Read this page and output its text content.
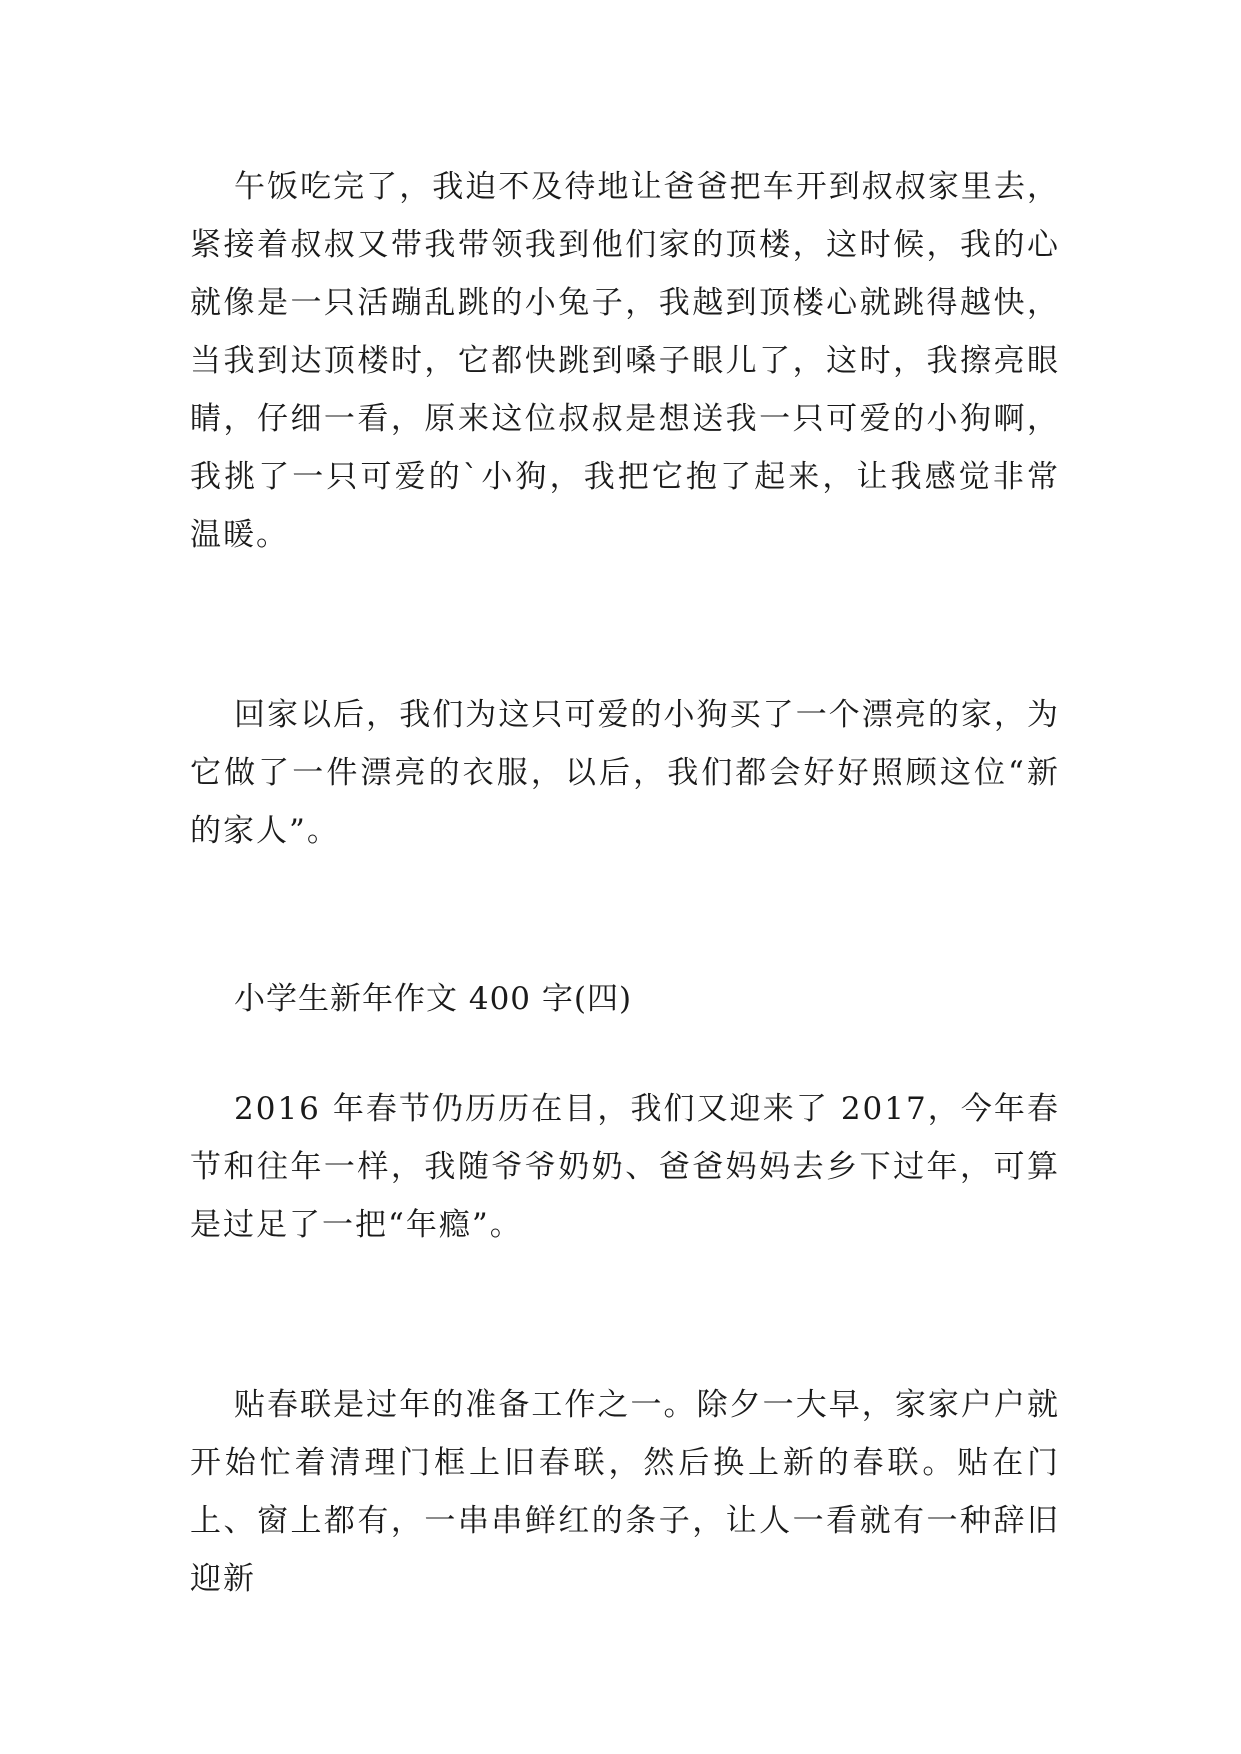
午饭吃完了，我迫不及待地让爸爸把车开到叔叔家里去，紧接着叔叔又带我带领我到他们家的顶楼，这时候，我的心就像是一只活蹦乱跳的小兔子，我越到顶楼心就跳得越快，当我到达顶楼时，它都快跳到嗓子眼儿了，这时，我擦亮眼睛，仔细一看，原来这位叔叔是想送我一只可爱的小狗啊，我挑了一只可爱的`小狗，我把它抱了起来，让我感觉非常温暖。

回家以后，我们为这只可爱的小狗买了一个漂亮的家，为它做了一件漂亮的衣服，以后，我们都会好好照顾这位“新的家人”。

小学生新年作文 400 字(四)

2016 年春节仍历历在目，我们又迎来了 2017，今年春节和往年一样，我随爷爷奶奶、爸爸妈妈去乡下过年，可算是过足了一把“年瘾”。

贴春联是过年的准备工作之一。除夕一大早，家家户户就开始忙着清理门框上旧春联，然后换上新的春联。贴在门上、窗上都有，一串串鲜红的条子，让人一看就有一种辞旧迎新
